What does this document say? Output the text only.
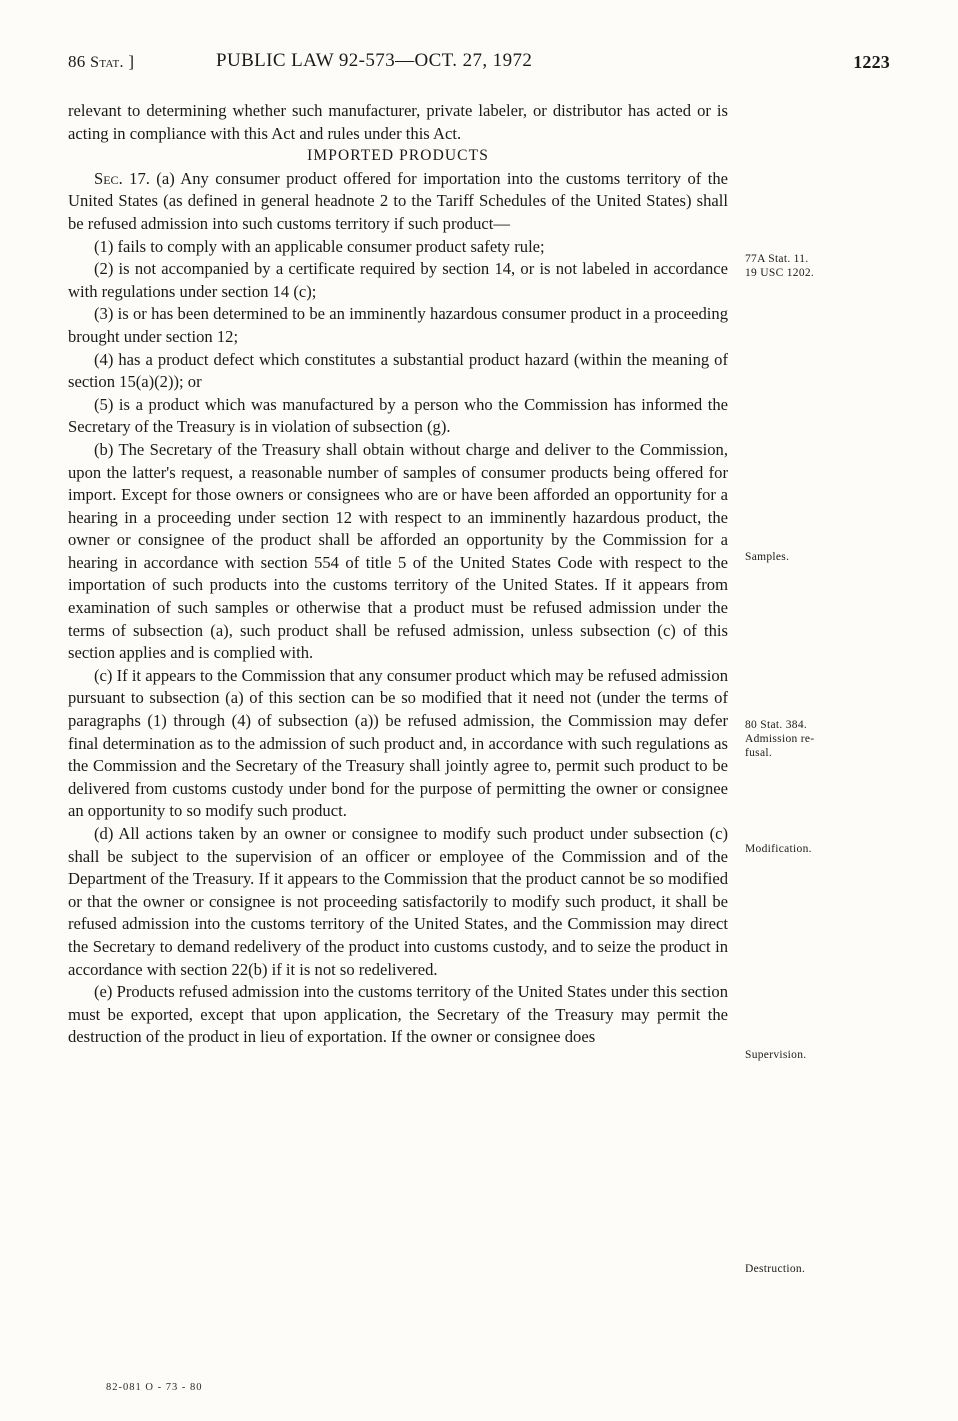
86 Stat. ]	PUBLIC LAW 92-573—OCT. 27, 1972	1223

relevant to determining whether such manufacturer, private labeler, or distributor has acted or is acting in compliance with this Act and rules under this Act.

IMPORTED PRODUCTS

Sec. 17. (a) Any consumer product offered for importation into the customs territory of the United States (as defined in general headnote 2 to the Tariff Schedules of the United States) shall be refused admission into such customs territory if such product—

(1) fails to comply with an applicable consumer product safety rule;

(2) is not accompanied by a certificate required by section 14, or is not labeled in accordance with regulations under section 14 (c);

(3) is or has been determined to be an imminently hazardous consumer product in a proceeding brought under section 12;

(4) has a product defect which constitutes a substantial product hazard (within the meaning of section 15(a)(2)); or

(5) is a product which was manufactured by a person who the Commission has informed the Secretary of the Treasury is in violation of subsection (g).

(b) The Secretary of the Treasury shall obtain without charge and deliver to the Commission, upon the latter's request, a reasonable number of samples of consumer products being offered for import. Except for those owners or consignees who are or have been afforded an opportunity for a hearing in a proceeding under section 12 with respect to an imminently hazardous product, the owner or consignee of the product shall be afforded an opportunity by the Commission for a hearing in accordance with section 554 of title 5 of the United States Code with respect to the importation of such products into the customs territory of the United States. If it appears from examination of such samples or otherwise that a product must be refused admission under the terms of subsection (a), such product shall be refused admission, unless subsection (c) of this section applies and is complied with.

(c) If it appears to the Commission that any consumer product which may be refused admission pursuant to subsection (a) of this section can be so modified that it need not (under the terms of paragraphs (1) through (4) of subsection (a)) be refused admission, the Commission may defer final determination as to the admission of such product and, in accordance with such regulations as the Commission and the Secretary of the Treasury shall jointly agree to, permit such product to be delivered from customs custody under bond for the purpose of permitting the owner or consignee an opportunity to so modify such product.

(d) All actions taken by an owner or consignee to modify such product under subsection (c) shall be subject to the supervision of an officer or employee of the Commission and of the Department of the Treasury. If it appears to the Commission that the product cannot be so modified or that the owner or consignee is not proceeding satisfactorily to modify such product, it shall be refused admission into the customs territory of the United States, and the Commission may direct the Secretary to demand redelivery of the product into customs custody, and to seize the product in accordance with section 22(b) if it is not so redelivered.

(e) Products refused admission into the customs territory of the United States under this section must be exported, except that upon application, the Secretary of the Treasury may permit the destruction of the product in lieu of exportation. If the owner or consignee does

77A Stat. 11.
19 USC 1202.
Samples.
80 Stat. 384.
Admission re-
fusal.
Modification.
Supervision.
Destruction.
82-081 O - 73 - 80
